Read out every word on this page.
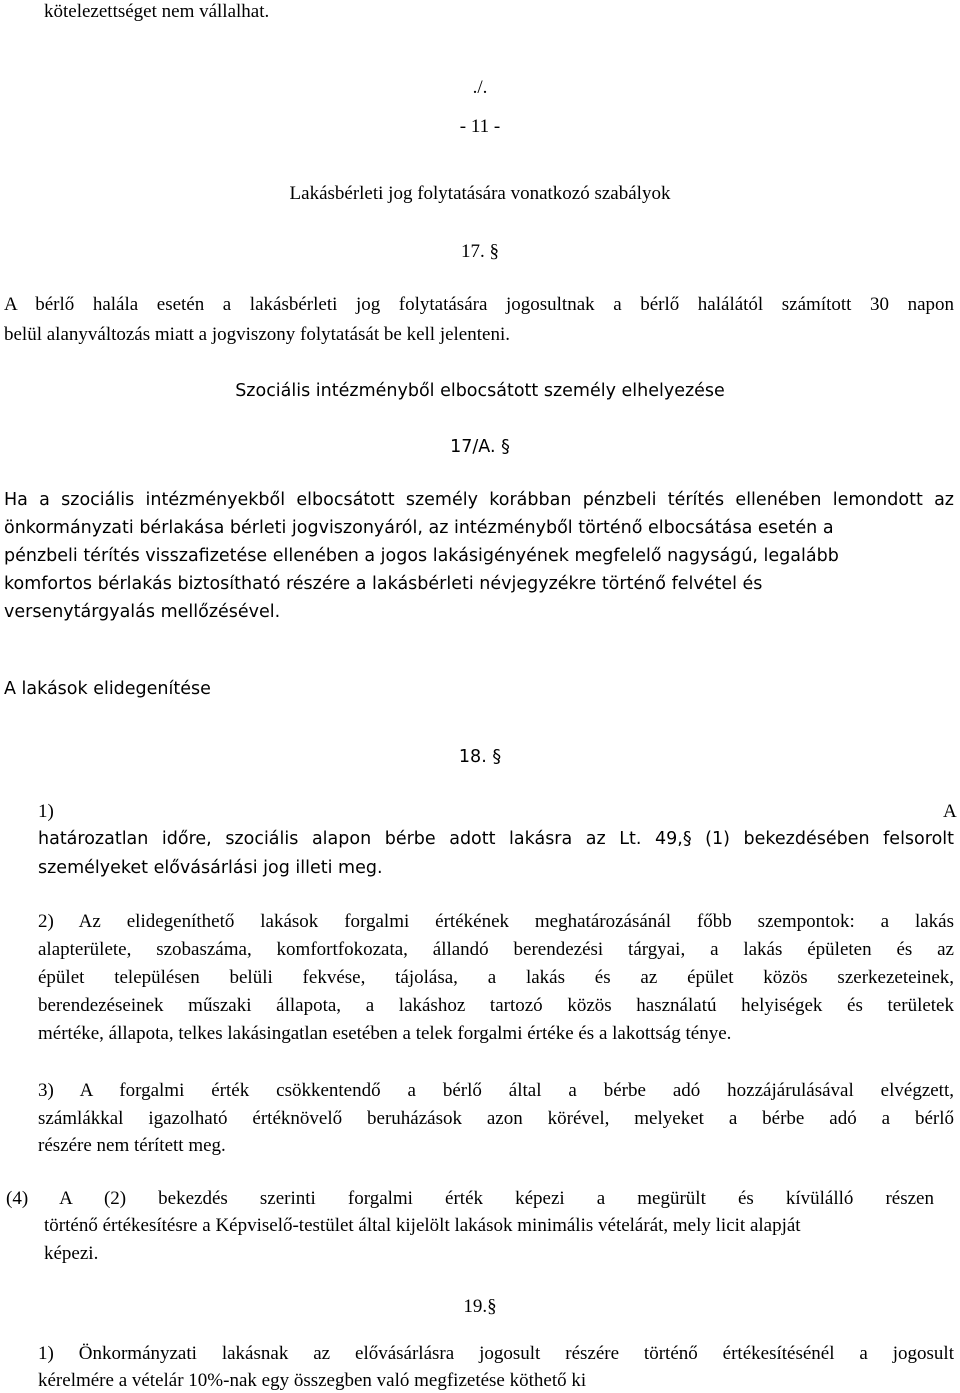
kötelezettséget nem vállalhat.
./.
- 11 -
Lakásbérleti jog folytatására vonatkozó szabályok
17. §
A bérlő halála esetén a lakásbérleti jog folytatására jogosultnak a bérlő halálától számított 30 napon
belül alanyváltozás miatt a jogviszony folytatását be kell jelenteni.
Szociális intézményből elbocsátott személy elhelyezése
17/A. §
Ha a szociális intézményekből elbocsátott személy korábban pénzbeli térítés ellenében lemondott az
önkormányzati bérlakása bérleti jogviszonyáról, az intézményből történő elbocsátása esetén a
pénzbeli térítés visszafizetése ellenében a jogos lakásigényének megfelelő nagyságú, legalább
komfortos bérlakás biztosítható részére a lakásbérleti névjegyzékre történő felvétel és
versenytárgyalás mellőzésével.
A lakások elidegenítése
18. §
1)	A
határozatlan időre, szociális alapon bérbe adott lakásra az Lt. 49,§ (1) bekezdésében felsorolt
személyeket elővásárlási jog illeti meg.
2) Az elidegeníthető lakások forgalmi értékének meghatározásánál főbb szempontok: a lakás
alapterülete, szobaszáma, komfortfokozata, állandó berendezési tárgyai, a lakás épületen és az
épület településen belüli fekvése, tájolása, a lakás és az épület közös szerkezeteinek,
berendezéseinek műszaki állapota, a lakáshoz tartozó közös használatú helyiségek és területek
mértéke, állapota, telkes lakásingatlan esetében a telek forgalmi értéke és a lakottság ténye.
3) A forgalmi érték csökkentendő a bérlő által a bérbe adó hozzájárulásával elvégzett,
számlákkal igazolható értéknövelő beruházások azon körével, melyeket a bérbe adó a bérlő
részére nem térített meg.
(4) A (2) bekezdés szerinti forgalmi érték képezi a megürült és kívülálló részen
történő értékesítésre a Képviselő-testület által kijelölt lakások minimális vételárát, mely licit alapját
képezi.
19.§
1) Önkormányzati lakásnak az elővásárlásra jogosult részére történő értékesítésénél a jogosult
kérelmére a vételár 10%-nak egy összegben való megfizetése köthető ki
